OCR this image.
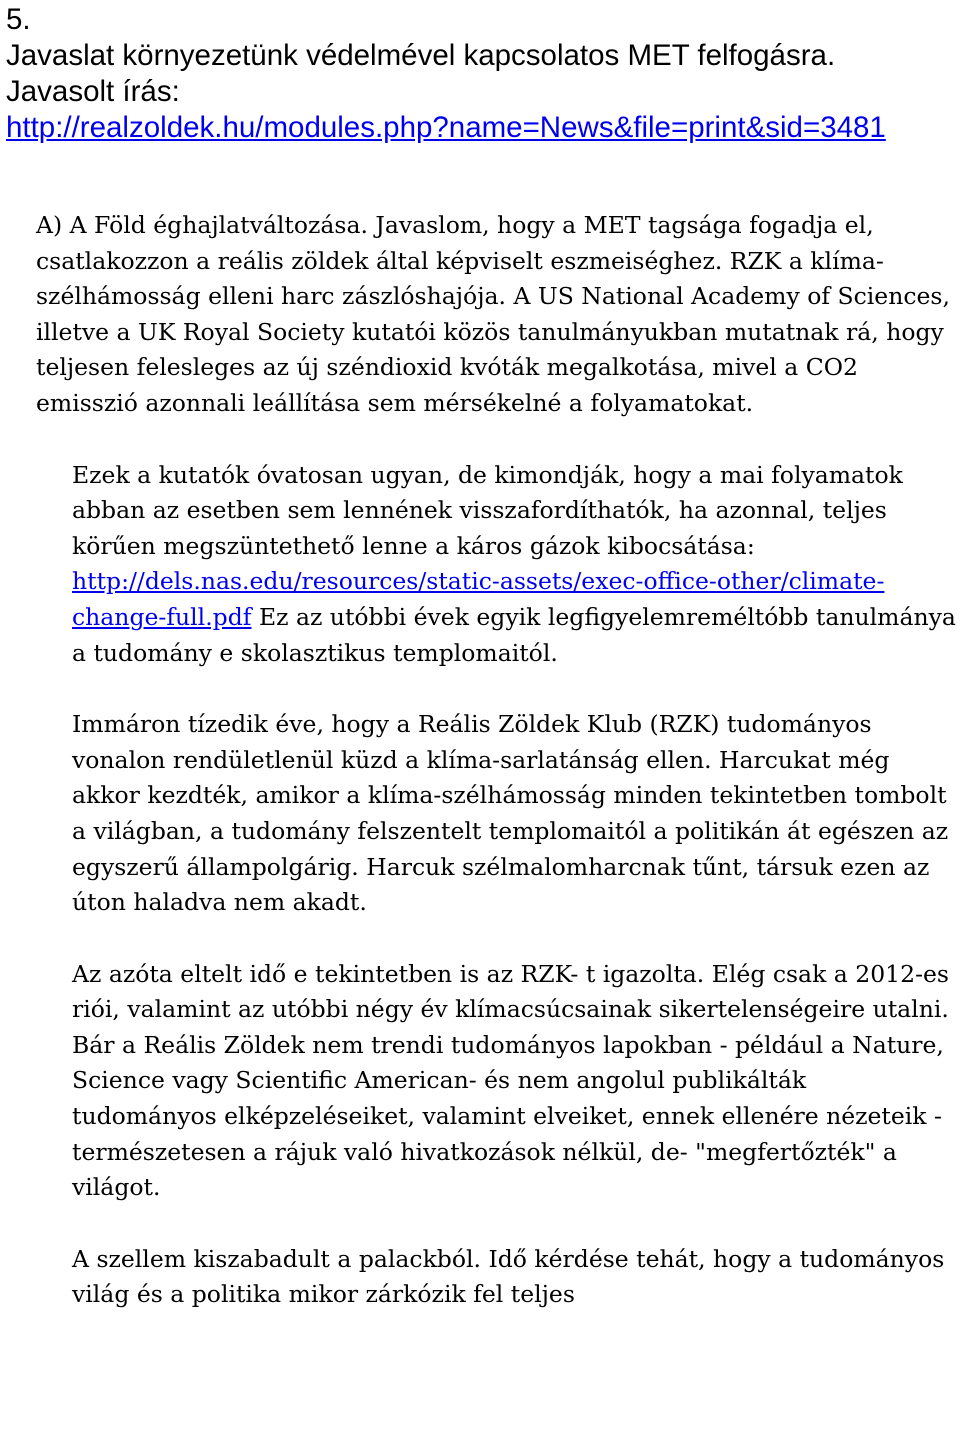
5.
Javaslat környezetünk védelmével kapcsolatos MET felfogásra.
Javasolt írás:
http://realzoldek.hu/modules.php?name=News&file=print&sid=3481

A) A Föld éghajlatváltozása. Javaslom, hogy a MET tagsága fogadja el, csatlakozzon a reális zöldek által képviselt eszmeiséghez. RZK a klíma-szélhámosság elleni harc zászlóshajója. A US National Academy of Sciences, illetve a UK Royal Society kutatói közös tanulmányukban mutatnak rá, hogy teljesen felesleges az új széndioxid kvóták megalkotása, mivel a CO2 emisszió azonnali leállítása sem mérsékelné a folyamatokat.

Ezek a kutatók óvatosan ugyan, de kimondják, hogy a mai folyamatok abban az esetben sem lennének visszafordíthatók, ha azonnal, teljes körűen megszüntethető lenne a káros gázok kibocsátása: http://dels.nas.edu/resources/static-assets/exec-office-other/climate-change-full.pdf Ez az utóbbi évek egyik legfigyelemreméltóbb tanulmánya a tudomány e skolasztikus templomaitól.

Immáron tízedik éve, hogy a Reális Zöldek Klub (RZK) tudományos vonalon rendületlenül küzd a klíma-sarlatánság ellen. Harcukat még akkor kezdték, amikor a klíma-szélhámosság minden tekintetben tombolt a világban, a tudomány felszentelt templomaitól a politikán át egészen az egyszerű állampolgárig. Harcuk szélmalomharcnak tűnt, társuk ezen az úton haladva nem akadt.

Az azóta eltelt idő e tekintetben is az RZK- t igazolta. Elég csak a 2012-es riói, valamint az utóbbi négy év klímacsúcsainak sikertelenségeire utalni. Bár a Reális Zöldek nem trendi tudományos lapokban - például a Nature, Science vagy Scientific American- és nem angolul publikálták tudományos elképzeléseiket, valamint elveiket, ennek ellenére nézeteik - természetesen a rájuk való hivatkozások nélkül, de- "megfertőzték" a világot.

A szellem kiszabadult a palackból. Idő kérdése tehát, hogy a tudományos világ és a politika mikor zárkózik fel teljes
